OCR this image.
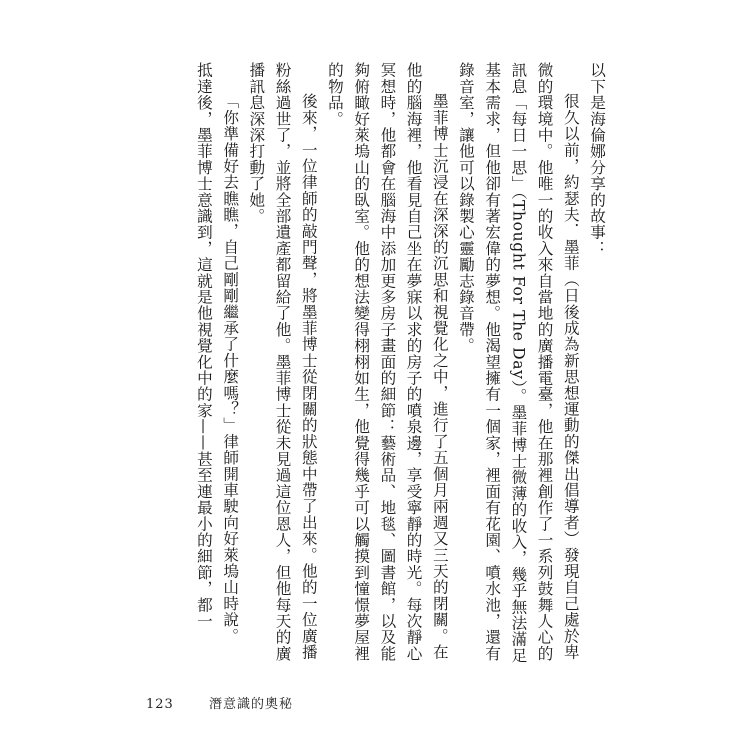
以下是海倫娜分享的故事：

很久以前，約瑟夫．墨菲（日後成為新思想運動的傑出倡導者）發現自己處於卑微的環境中。他唯一的收入來自當地的廣播電臺，他在那裡創作了一系列鼓舞人心的訊息「每日一思」（Thought For The Day）。墨菲博士微薄的收入，幾乎無法滿足基本需求，但他卻有著宏偉的夢想。他渴望擁有一個家，裡面有花園、噴水池，還有錄音室，讓他可以錄製心靈勵志錄音帶。

墨菲博士沉浸在深深的沉思和視覺化之中，進行了五個月兩週又三天的閉關。在他的腦海裡，他看見自己坐在夢寐以求的房子的噴泉邊，享受寧靜的時光。每次靜心冥想時，他都會在腦海中添加更多房子畫面的細節：藝術品、地毯、圖書館，以及能夠俯瞰好萊塢山的臥室。他的想法變得栩栩如生，他覺得幾乎可以觸摸到憧憬夢屋裡的物品。

後來，一位律師的敲門聲，將墨菲博士從閉關的狀態中帶了出來。他的一位廣播粉絲過世了，並將全部遺產都留給了他。墨菲博士從未見過這位恩人，但他每天的廣播訊息深深打動了她。

「你準備好去瞧瞧，自己剛剛繼承了什麼嗎？」律師開車駛向好萊塢山時說。

抵達後，墨菲博士意識到，這就是他視覺化中的家——甚至連最小的細節，都一

123	潛意識的奧秘
